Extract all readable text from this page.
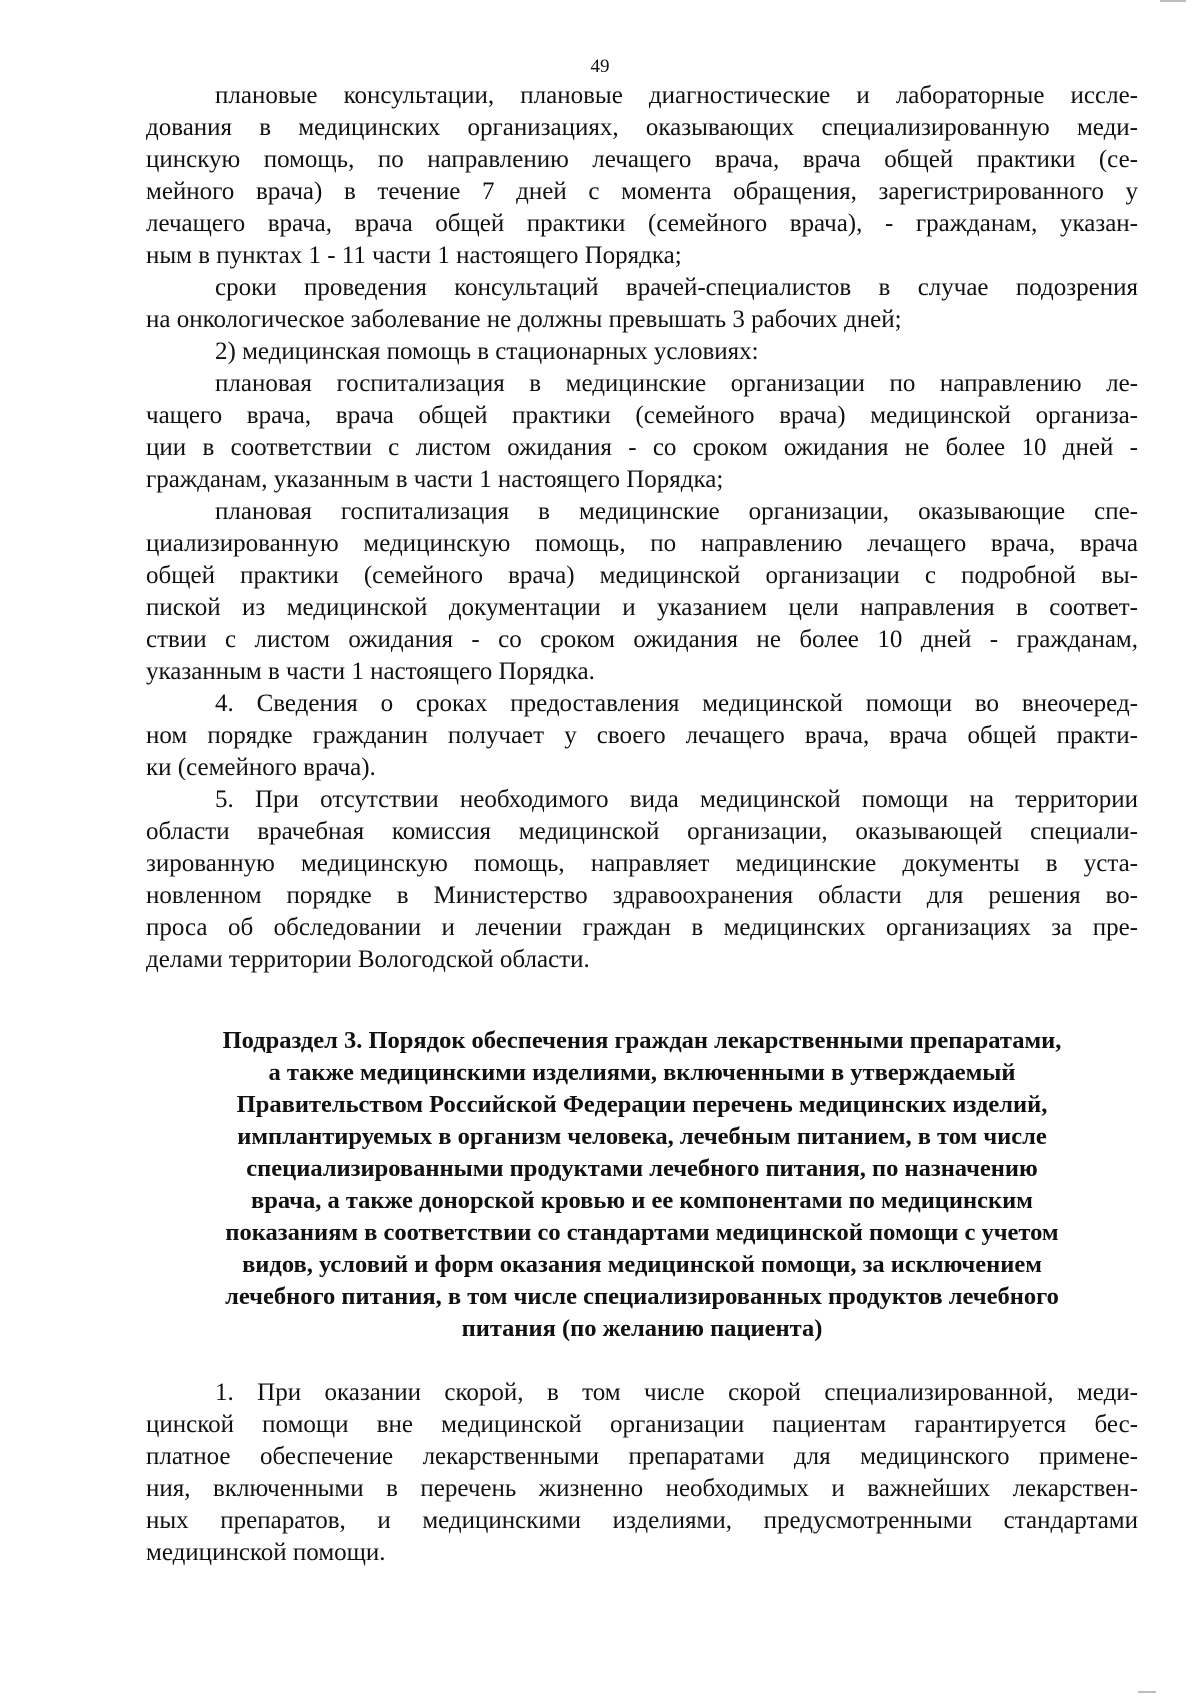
49
плановые консультации, плановые диагностические и лабораторные иссле-
дования в медицинских организациях, оказывающих специализированную меди-
цинскую помощь, по направлению лечащего врача, врача общей практики (се-
мейного врача) в течение 7 дней с момента обращения, зарегистрированного у
лечащего врача, врача общей практики (семейного врача), - гражданам, указан-
ным в пунктах 1 - 11 части 1 настоящего Порядка;
сроки проведения консультаций врачей-специалистов в случае подозрения
на онкологическое заболевание не должны превышать 3 рабочих дней;
2) медицинская помощь в стационарных условиях:
плановая госпитализация в медицинские организации по направлению ле-
чащего врача, врача общей практики (семейного врача) медицинской организа-
ции в соответствии с листом ожидания - со сроком ожидания не более 10 дней -
гражданам, указанным в части 1 настоящего Порядка;
плановая госпитализация в медицинские организации, оказывающие спе-
циализированную медицинскую помощь, по направлению лечащего врача, врача
общей практики (семейного врача) медицинской организации с подробной вы-
пиской из медицинской документации и указанием цели направления в соответ-
ствии с листом ожидания - со сроком ожидания не более 10 дней - гражданам,
указанным в части 1 настоящего Порядка.
4. Сведения о сроках предоставления медицинской помощи во внеочеред-
ном порядке гражданин получает у своего лечащего врача, врача общей практи-
ки (семейного врача).
5. При отсутствии необходимого вида медицинской помощи на территории
области врачебная комиссия медицинской организации, оказывающей специали-
зированную медицинскую помощь, направляет медицинские документы в уста-
новленном порядке в Министерство здравоохранения области для решения во-
проса об обследовании и лечении граждан в медицинских организациях за пре-
делами территории Вологодской области.
Подраздел 3. Порядок обеспечения граждан лекарственными препаратами,
а также медицинскими изделиями, включенными в утверждаемый
Правительством Российской Федерации перечень медицинских изделий,
имплантируемых в организм человека, лечебным питанием, в том числе
специализированными продуктами лечебного питания, по назначению
врача, а также донорской кровью и ее компонентами по медицинским
показаниям в соответствии со стандартами медицинской помощи с учетом
видов, условий и форм оказания медицинской помощи, за исключением
лечебного питания, в том числе специализированных продуктов лечебного
питания (по желанию пациента)
1. При оказании скорой, в том числе скорой специализированной, меди-
цинской помощи вне медицинской организации пациентам гарантируется бес-
платное обеспечение лекарственными препаратами для медицинского примене-
ния, включенными в перечень жизненно необходимых и важнейших лекарствен-
ных препаратов, и медицинскими изделиями, предусмотренными стандартами
медицинской помощи.
